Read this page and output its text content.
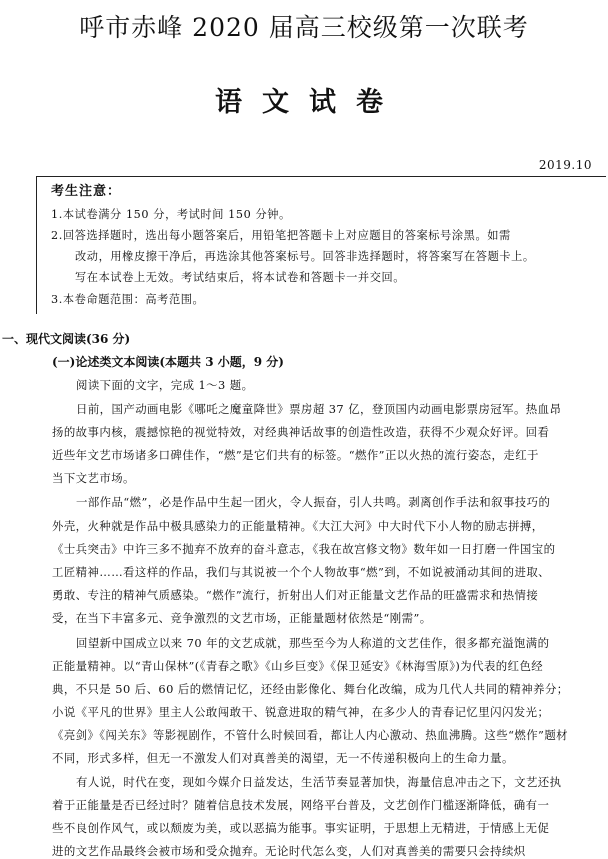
呼市赤峰 2020 届高三校级第一次联考
语文试卷
2019.10
考生注意：
1.本试卷满分 150 分，考试时间 150 分钟。
2.回答选择题时，选出每小题答案后，用铅笔把答题卡上对应题目的答案标号涂黑。如需
改动，用橡皮擦干净后，再选涂其他答案标号。回答非选择题时，将答案写在答题卡上。
写在本试卷上无效。考试结束后，将本试卷和答题卡一并交回。
3.本卷命题范围：高考范围。
一、现代文阅读(36 分)
(一)论述类文本阅读(本题共 3 小题，9 分)
阅读下面的文字，完成 1～3 题。
日前，国产动画电影《哪吒之魔童降世》票房超 37 亿，登顶国内动画电影票房冠军。热血昂
扬的故事内核，震撼惊艳的视觉特效，对经典神话故事的创造性改造，获得不少观众好评。回看
近些年文艺市场诸多口碑佳作，“燃”是它们共有的标签。“燃作”正以火热的流行姿态，走红于
当下文艺市场。
一部作品“燃”，必是作品中生起一团火，令人振奋，引人共鸣。剥离创作手法和叙事技巧的
外壳，火种就是作品中极具感染力的正能量精神。《大江大河》中大时代下小人物的励志拼搏，
《士兵突击》中许三多不抛弃不放弃的奋斗意志，《我在故宫修文物》数年如一日打磨一件国宝的
工匠精神……看这样的作品，我们与其说被一个个人物故事“燃”到，不如说被涌动其间的进取、
勇敢、专注的精神气质感染。“燃作”流行，折射出人们对正能量文艺作品的旺盛需求和热情接
受，在当下丰富多元、竞争激烈的文艺市场，正能量题材依然是“刚需”。
回望新中国成立以来 70 年的文艺成就，那些至今为人称道的文艺佳作，很多都充溢饱满的
正能量精神。以“青山保林”(《青春之歌》《山乡巨变》《保卫延安》《林海雪原》)为代表的红色经
典，不只是 50 后、60 后的燃情记忆，还经由影像化、舞台化改编，成为几代人共同的精神养分；
小说《平凡的世界》里主人公敢闯敢干、锐意进取的精气神，在多少人的青春记忆里闪闪发光；
《亮剑》《闯关东》等影视剧作，不管什么时候回看，都让人内心激动、热血沸腾。这些“燃作”题材
不同，形式多样，但无一不激发人们对真善美的渴望，无一不传递积极向上的生命力量。
有人说，时代在变，现如今媒介日益发达，生活节奏显著加快，海量信息冲击之下，文艺还执
着于正能量是否已经过时？随着信息技术发展，网络平台普及，文艺创作门槛逐渐降低，确有一
些不良创作风气，或以颓废为美，或以恶搞为能事。事实证明，于思想上无精进，于情感上无促
进的文艺作品最终会被市场和受众抛弃。无论时代怎么变，人们对真善美的需要只会持续炽
